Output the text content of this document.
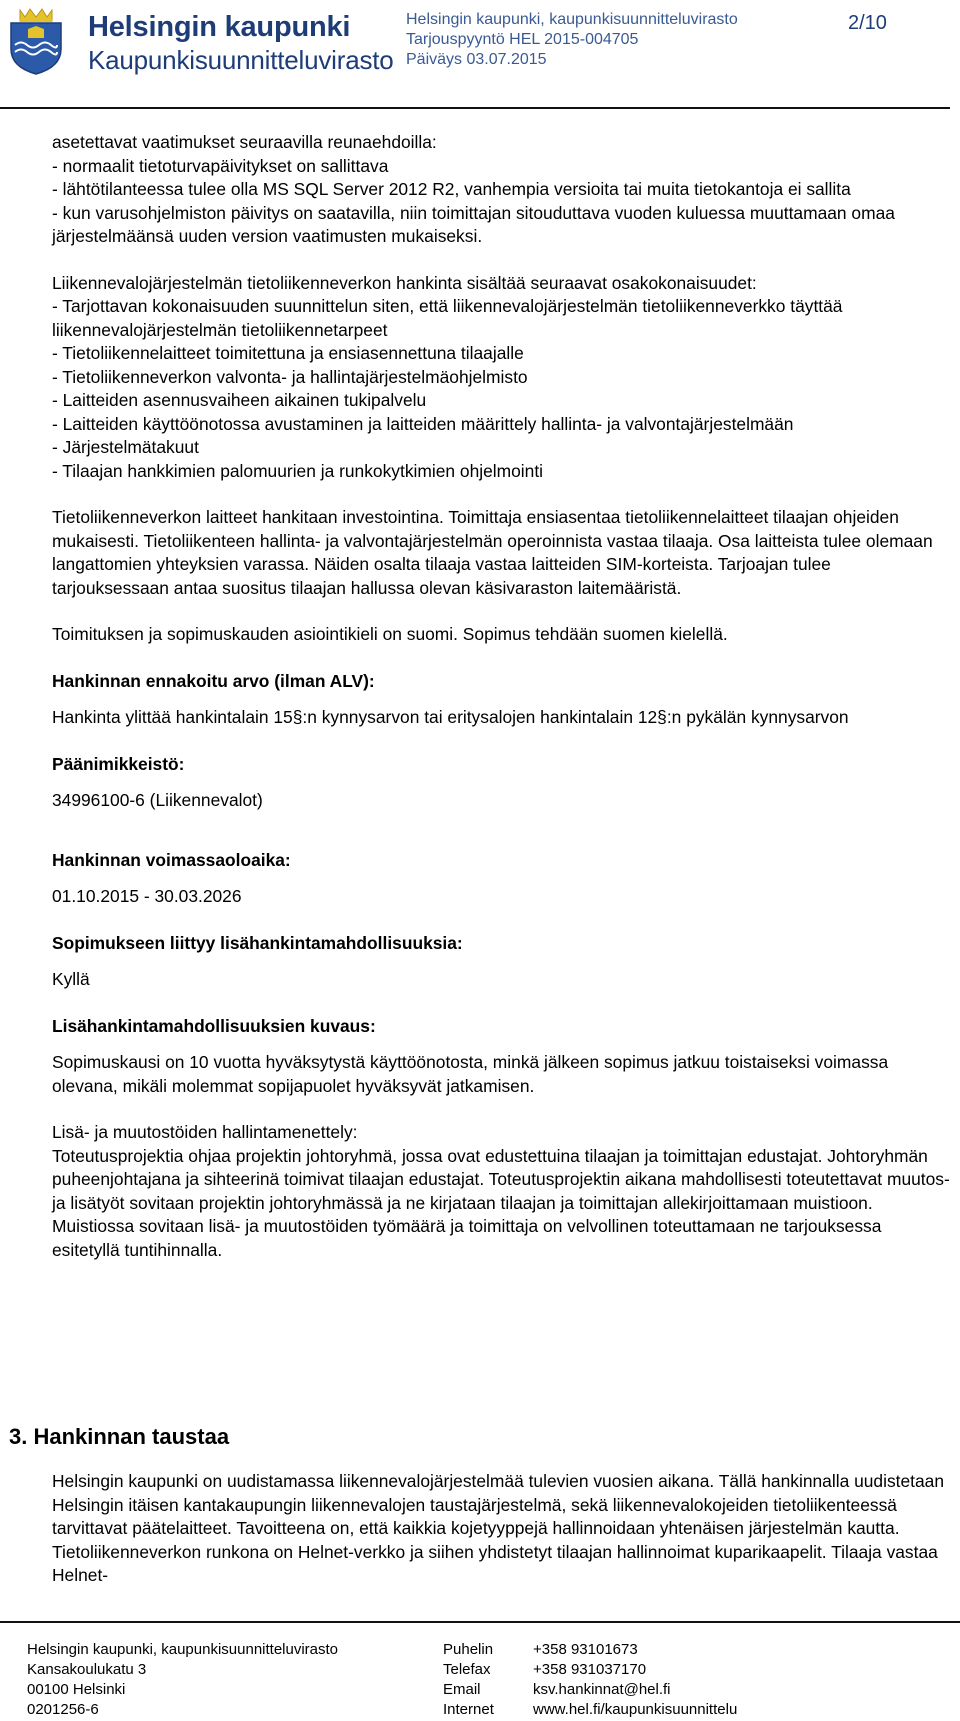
Helsingin kaupunki
Kaupunkisuunnitteluvirasto
Helsingin kaupunki, kaupunkisuunnitteluvirasto
Tarjouspyyntö HEL 2015-004705
Päiväys 03.07.2015
2/10

asetettavat vaatimukset seuraavilla reunaehdoilla:

- normaalit tietoturvapäivitykset on sallittava

- lähtötilanteessa tulee olla MS SQL Server 2012 R2, vanhempia versioita tai muita tietokantoja ei sallita

- kun varusohjelmiston päivitys on saatavilla, niin toimittajan sitouduttava vuoden kuluessa muuttamaan omaa järjestelmäänsä uuden version vaatimusten mukaiseksi.

Liikennevalojärjestelmän tietoliikenneverkon hankinta sisältää seuraavat osakokonaisuudet:

- Tarjottavan kokonaisuuden suunnittelun siten, että liikennevalojärjestelmän tietoliikenneverkko täyttää liikennevalojärjestelmän tietoliikennetarpeet

- Tietoliikennelaitteet toimitettuna ja ensiasennettuna tilaajalle

- Tietoliikenneverkon valvonta- ja hallintajärjestelmäohjelmisto

- Laitteiden asennusvaiheen aikainen tukipalvelu

- Laitteiden käyttöönotossa avustaminen ja laitteiden määrittely hallinta- ja valvontajärjestelmään

- Järjestelmätakuut

- Tilaajan hankkimien palomuurien ja runkokytkimien ohjelmointi

Tietoliikenneverkon laitteet hankitaan investointina. Toimittaja ensiasentaa tietoliikennelaitteet tilaajan ohjeiden mukaisesti. Tietoliikenteen hallinta- ja valvontajärjestelmän operoinnista vastaa tilaaja. Osa laitteista tulee olemaan langattomien yhteyksien varassa. Näiden osalta tilaaja vastaa laitteiden SIM-korteista. Tarjoajan tulee tarjouksessaan antaa suositus tilaajan hallussa olevan käsivaraston laitemääristä.

Toimituksen ja sopimuskauden asiointikieli on suomi. Sopimus tehdään suomen kielellä.

Hankinnan ennakoitu arvo (ilman ALV):

Hankinta ylittää hankintalain 15§:n kynnysarvon tai eritysalojen hankintalain 12§:n pykälän kynnysarvon

Päänimikkeistö:

34996100-6 (Liikennevalot)

Hankinnan voimassaoloaika:

01.10.2015 - 30.03.2026

Sopimukseen liittyy lisähankintamahdollisuuksia:

Kyllä

Lisähankintamahdollisuuksien kuvaus:

Sopimuskausi on 10 vuotta hyväksytystä käyttöönotosta, minkä jälkeen sopimus jatkuu toistaiseksi voimassa olevana, mikäli molemmat sopijapuolet hyväksyvät jatkamisen.

Lisä- ja muutostöiden hallintamenettely:

Toteutusprojektia ohjaa projektin johtoryhmä, jossa ovat edustettuina tilaajan ja toimittajan edustajat. Johtoryhmän puheenjohtajana ja sihteerinä toimivat tilaajan edustajat. Toteutusprojektin aikana mahdollisesti toteutettavat muutos- ja lisätyöt sovitaan projektin johtoryhmässä ja ne kirjataan tilaajan ja toimittajan allekirjoittamaan muistioon. Muistiossa sovitaan lisä- ja muutostöiden työmäärä ja toimittaja on velvollinen toteuttamaan ne tarjouksessa esitetyllä tuntihinnalla.

3. Hankinnan taustaa
Helsingin kaupunki on uudistamassa liikennevalojärjestelmää tulevien vuosien aikana. Tällä hankinnalla uudistetaan Helsingin itäisen kantakaupungin liikennevalojen taustajärjestelmä, sekä liikennevalokojeiden tietoliikenteessä tarvittavat päätelaitteet. Tavoitteena on, että kaikkia kojetyyppejä hallinnoidaan yhtenäisen järjestelmän kautta. Tietoliikenneverkon runkona on Helnet-verkko ja siihen yhdistetyt tilaajan hallinnoimat kuparikaapelit. Tilaaja vastaa Helnet-
Helsingin kaupunki, kaupunkisuunnitteluvirasto
Kansakoulukatu 3
00100 Helsinki
0201256-6
Puhelin
Telefax
Email
Internet
+358 93101673
+358 931037170
ksv.hankinnat@hel.fi
www.hel.fi/kaupunkisuunnittelu
